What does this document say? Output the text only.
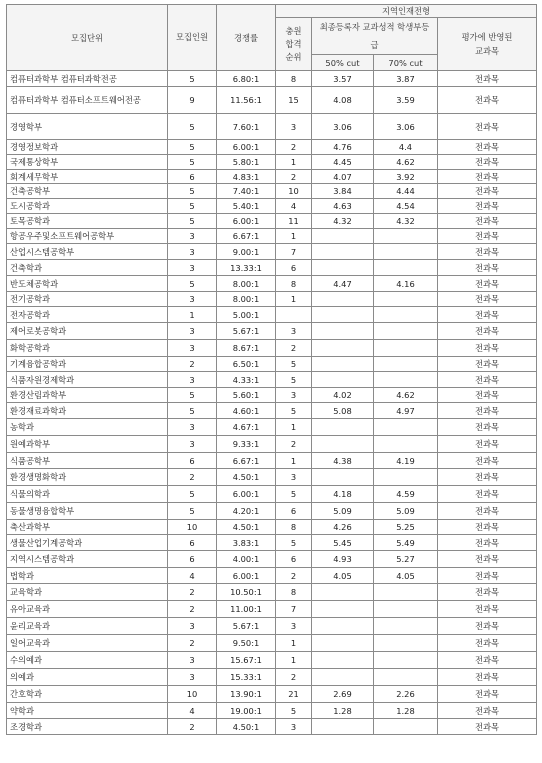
모집단위	모집인원	경쟁률	지역인재전형			
			충원합격순위	최종등록자 교과성적 학생부등급		평가에 반영된 교과목
				50% cut	70% cut	
컴퓨터과학부 컴퓨터과학전공	5	6.80:1	8	3.57	3.87	전과목
컴퓨터과학부 컴퓨터소프트웨어전공	9	11.56:1	15	4.08	3.59	전과목
경영학부	5	7.60:1	3	3.06	3.06	전과목
경영정보학과	5	6.00:1	2	4.76	4.4	전과목
국제통상학부	5	5.80:1	1	4.45	4.62	전과목
회계세무학부	6	4.83:1	2	4.07	3.92	전과목
건축공학부	5	7.40:1	10	3.84	4.44	전과목
도시공학과	5	5.40:1	4	4.63	4.54	전과목
토목공학과	5	6.00:1	11	4.32	4.32	전과목
항공우주및소프트웨어공학부	3	6.67:1	1			전과목
산업시스템공학부	3	9.00:1	7			전과목
건축학과	3	13.33:1	6			전과목
반도체공학과	5	8.00:1	8	4.47	4.16	전과목
전기공학과	3	8.00:1	1			전과목
전자공학과	1	5.00:1				전과목
제어로봇공학과	3	5.67:1	3			전과목
화학공학과	3	8.67:1	2			전과목
기계융합공학과	2	6.50:1	5			전과목
식품자원경제학과	3	4.33:1	5			전과목
환경산림과학부	5	5.60:1	3	4.02	4.62	전과목
환경재료과학과	5	4.60:1	5	5.08	4.97	전과목
농학과	3	4.67:1	1			전과목
원예과학부	3	9.33:1	2			전과목
식품공학부	6	6.67:1	1	4.38	4.19	전과목
환경생명화학과	2	4.50:1	3			전과목
식물의학과	5	6.00:1	5	4.18	4.59	전과목
동물생명융합학부	5	4.20:1	6	5.09	5.09	전과목
축산과학부	10	4.50:1	8	4.26	5.25	전과목
생물산업기계공학과	6	3.83:1	5	5.45	5.49	전과목
지역시스템공학과	6	4.00:1	6	4.93	5.27	전과목
법학과	4	6.00:1	2	4.05	4.05	전과목
교육학과	2	10.50:1	8			전과목
유아교육과	2	11.00:1	7			전과목
윤리교육과	3	5.67:1	3			전과목
일어교육과	2	9.50:1	1			전과목
수의예과	3	15.67:1	1			전과목
의예과	3	15.33:1	2			전과목
간호학과	10	13.90:1	21	2.69	2.26	전과목
약학과	4	19.00:1	5	1.28	1.28	전과목
조경학과	2	4.50:1	3			전과목
